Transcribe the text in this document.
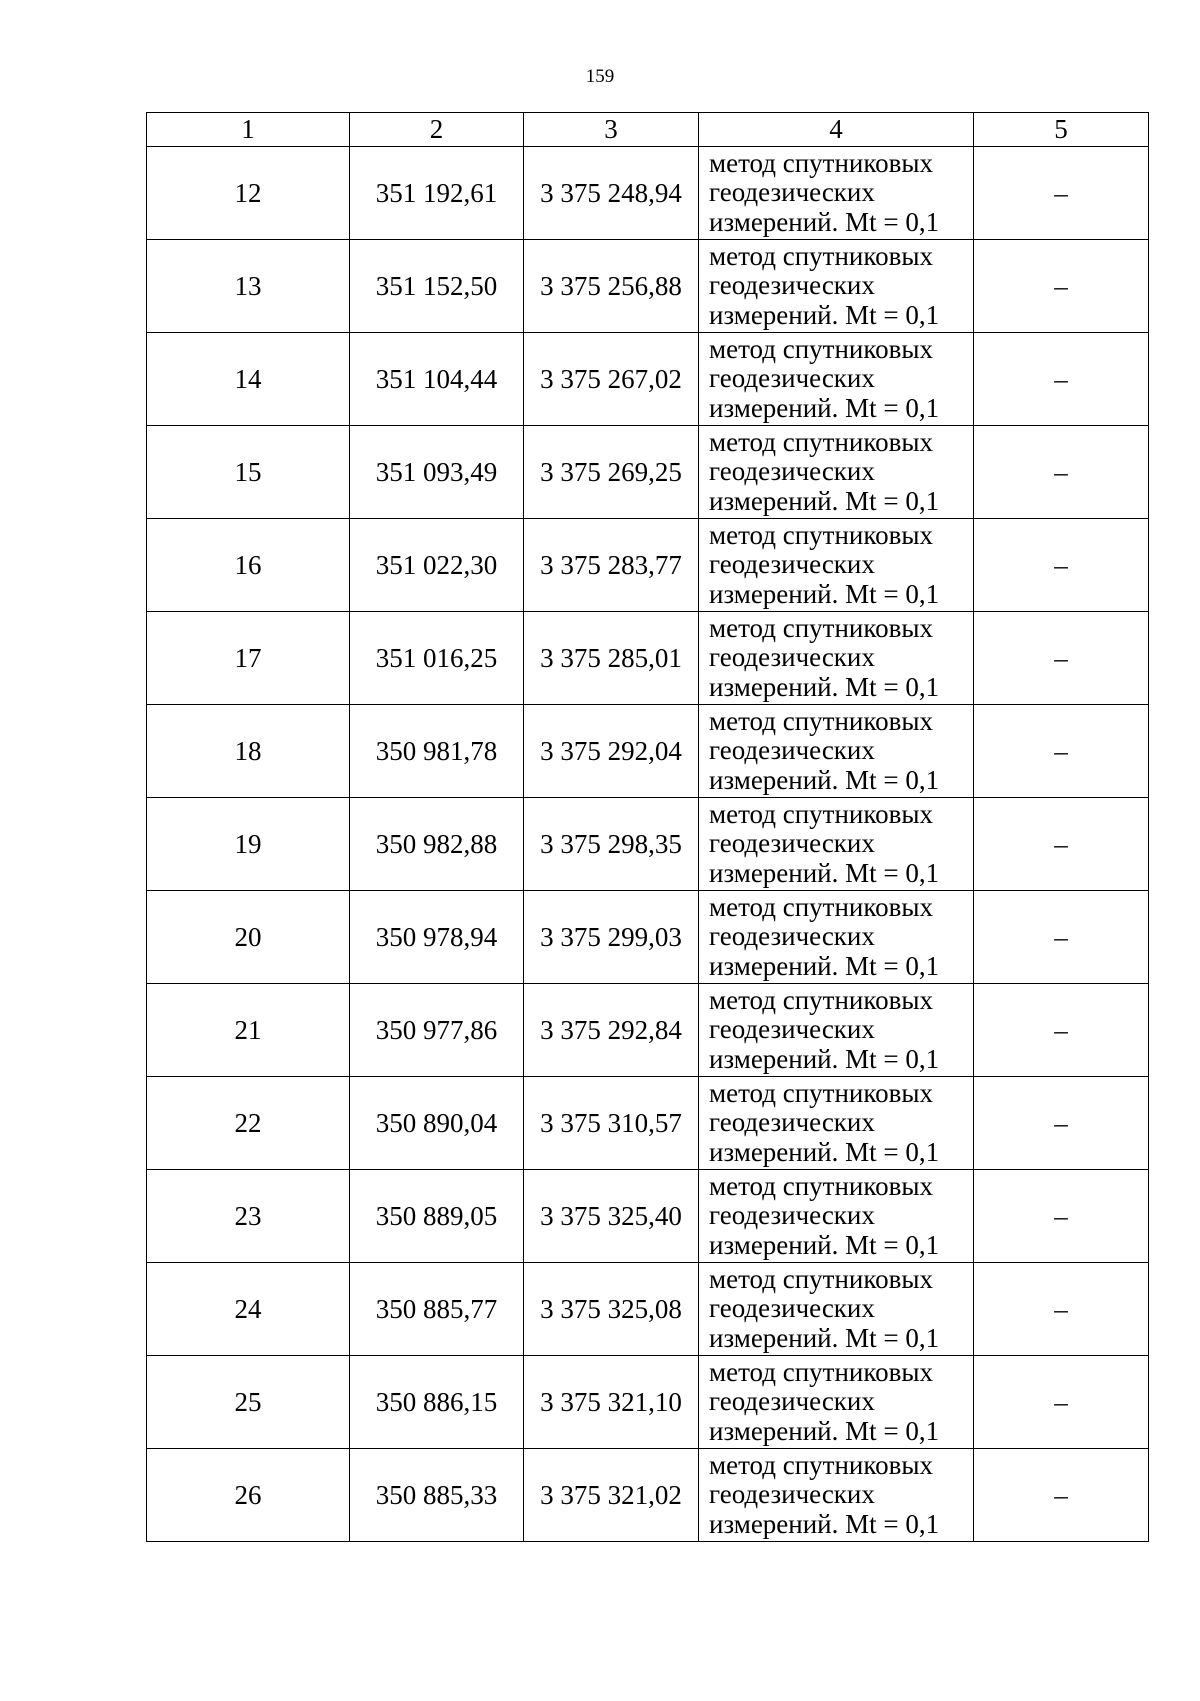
159
1	2	3	4	5
12	351 192,61	3 375 248,94	метод спутниковых
геодезических
измерений. Mt = 0,1	–
13	351 152,50	3 375 256,88	метод спутниковых
геодезических
измерений. Mt = 0,1	–
14	351 104,44	3 375 267,02	метод спутниковых
геодезических
измерений. Mt = 0,1	–
15	351 093,49	3 375 269,25	метод спутниковых
геодезических
измерений. Mt = 0,1	–
16	351 022,30	3 375 283,77	метод спутниковых
геодезических
измерений. Mt = 0,1	–
17	351 016,25	3 375 285,01	метод спутниковых
геодезических
измерений. Mt = 0,1	–
18	350 981,78	3 375 292,04	метод спутниковых
геодезических
измерений. Mt = 0,1	–
19	350 982,88	3 375 298,35	метод спутниковых
геодезических
измерений. Mt = 0,1	–
20	350 978,94	3 375 299,03	метод спутниковых
геодезических
измерений. Mt = 0,1	–
21	350 977,86	3 375 292,84	метод спутниковых
геодезических
измерений. Mt = 0,1	–
22	350 890,04	3 375 310,57	метод спутниковых
геодезических
измерений. Mt = 0,1	–
23	350 889,05	3 375 325,40	метод спутниковых
геодезических
измерений. Mt = 0,1	–
24	350 885,77	3 375 325,08	метод спутниковых
геодезических
измерений. Mt = 0,1	–
25	350 886,15	3 375 321,10	метод спутниковых
геодезических
измерений. Mt = 0,1	–
26	350 885,33	3 375 321,02	метод спутниковых
геодезических
измерений. Mt = 0,1	–
